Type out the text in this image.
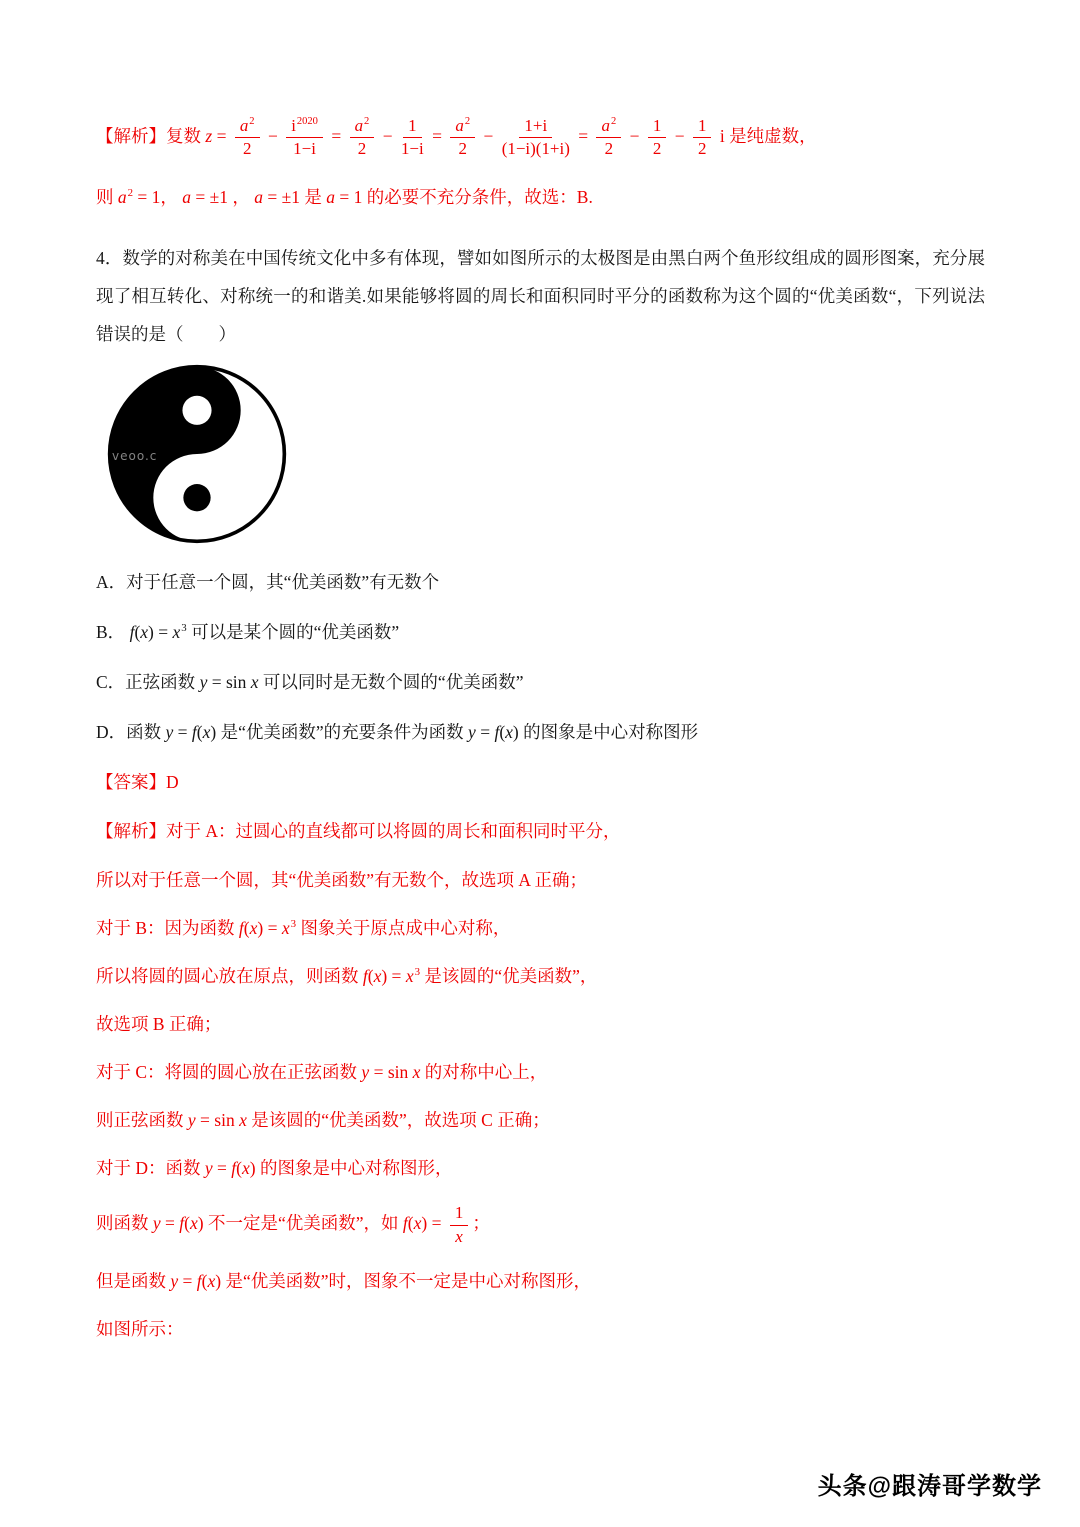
【解析】复数 $z = \frac{a^2}{2} - \frac{i^{2020}}{1-i} = \frac{a^2}{2} - \frac{1}{1-i} = \frac{a^2}{2} - \frac{1+i}{(1-i)(1+i)} = \frac{a^2}{2} - \frac{1}{2} - \frac{1}{2}$ i 是纯虚数，

则 $a^2 = 1$， a = ±1 ， a = ±1 是 a = 1 的必要不充分条件，故选：B.

4．数学的对称美在中国传统文化中多有体现，譬如如图所示的太极图是由黑白两个鱼形纹组成的圆形图案，充分展现了相互转化、对称统一的和谐美.如果能够将圆的周长和面积同时平分的函数称为这个圆的“优美函数“，下列说法错误的是（　　）

veoo.c

A．对于任意一个圆，其“优美函数”有无数个

B． $f(x) = x^3$ 可以是某个圆的“优美函数”

C．正弦函数 y = sin x 可以同时是无数个圆的“优美函数”

D．函数 y = f(x) 是“优美函数”的充要条件为函数 y = f(x) 的图象是中心对称图形

【答案】D

【解析】对于 A：过圆心的直线都可以将圆的周长和面积同时平分，

所以对于任意一个圆，其“优美函数”有无数个，故选项 A 正确；

对于 B：因为函数 $f(x) = x^3$ 图象关于原点成中心对称，

所以将圆的圆心放在原点，则函数 $f(x) = x^3$ 是该圆的“优美函数”，

故选项 B 正确；

对于 C：将圆的圆心放在正弦函数 y = sin x 的对称中心上，

则正弦函数 y = sin x 是该圆的“优美函数”，故选项 C 正确；

对于 D：函数 y = f(x) 的图象是中心对称图形，

则函数 y = f(x) 不一定是“优美函数”，如 $f(x) = \frac{1}{x}$ ；

但是函数 y = f(x) 是“优美函数”时，图象不一定是中心对称图形，

如图所示：

头条@跟涛哥学数学
